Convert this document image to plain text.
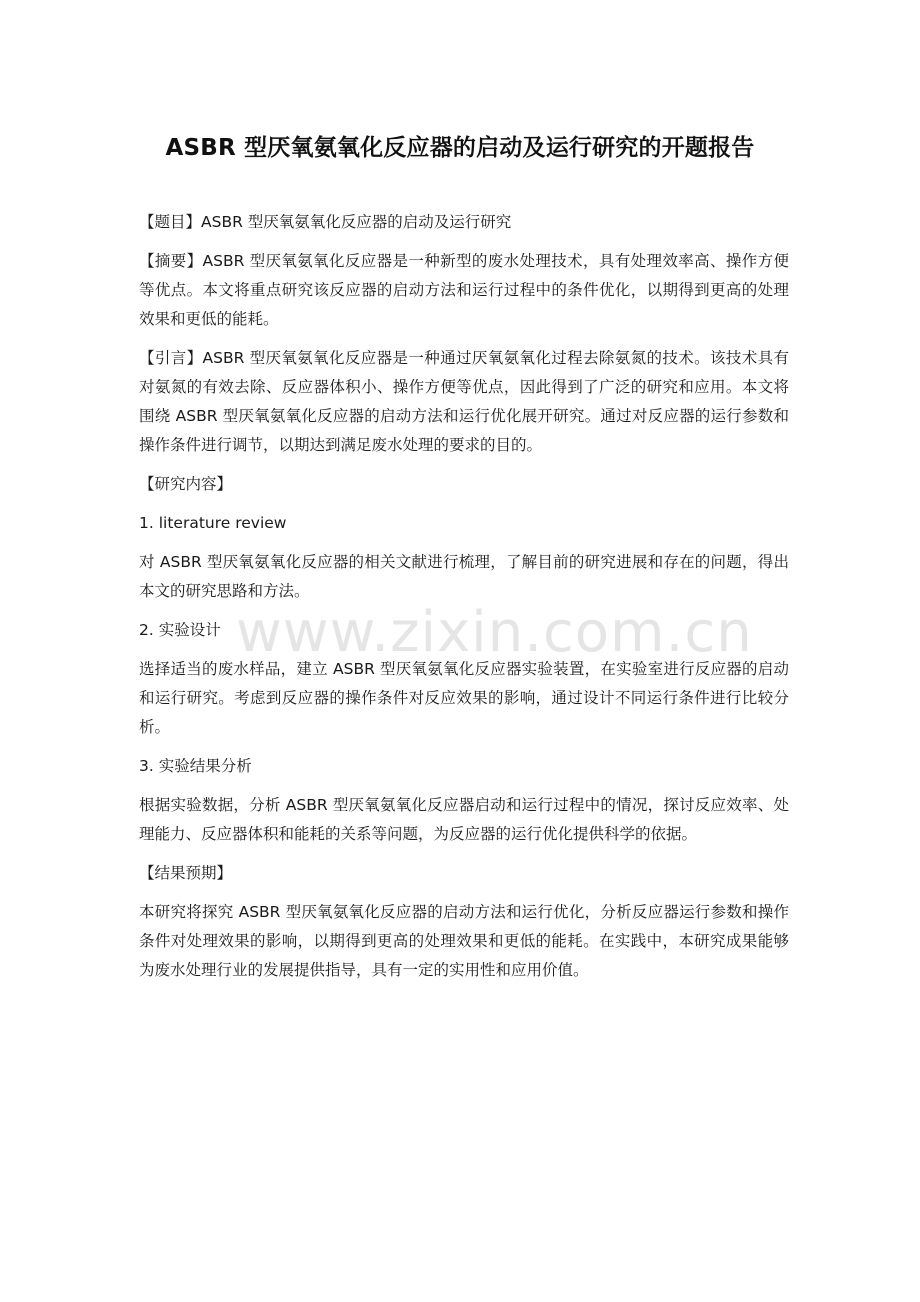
ASBR 型厌氧氨氧化反应器的启动及运行研究的开题报告

【题目】ASBR 型厌氧氨氧化反应器的启动及运行研究

【摘要】ASBR 型厌氧氨氧化反应器是一种新型的废水处理技术，具有处理效率高、操作方便等优点。本文将重点研究该反应器的启动方法和运行过程中的条件优化，以期得到更高的处理效果和更低的能耗。

【引言】ASBR 型厌氧氨氧化反应器是一种通过厌氧氨氧化过程去除氨氮的技术。该技术具有对氨氮的有效去除、反应器体积小、操作方便等优点，因此得到了广泛的研究和应用。本文将围绕 ASBR 型厌氧氨氧化反应器的启动方法和运行优化展开研究。通过对反应器的运行参数和操作条件进行调节，以期达到满足废水处理的要求的目的。

【研究内容】

1. literature review

对 ASBR 型厌氧氨氧化反应器的相关文献进行梳理，了解目前的研究进展和存在的问题，得出本文的研究思路和方法。

2. 实验设计

选择适当的废水样品，建立 ASBR 型厌氧氨氧化反应器实验装置，在实验室进行反应器的启动和运行研究。考虑到反应器的操作条件对反应效果的影响，通过设计不同运行条件进行比较分析。

3. 实验结果分析

根据实验数据，分析 ASBR 型厌氧氨氧化反应器启动和运行过程中的情况，探讨反应效率、处理能力、反应器体积和能耗的关系等问题，为反应器的运行优化提供科学的依据。

【结果预期】

本研究将探究 ASBR 型厌氧氨氧化反应器的启动方法和运行优化，分析反应器运行参数和操作条件对处理效果的影响，以期得到更高的处理效果和更低的能耗。在实践中，本研究成果能够为废水处理行业的发展提供指导，具有一定的实用性和应用价值。

www.zixin.com.cn
